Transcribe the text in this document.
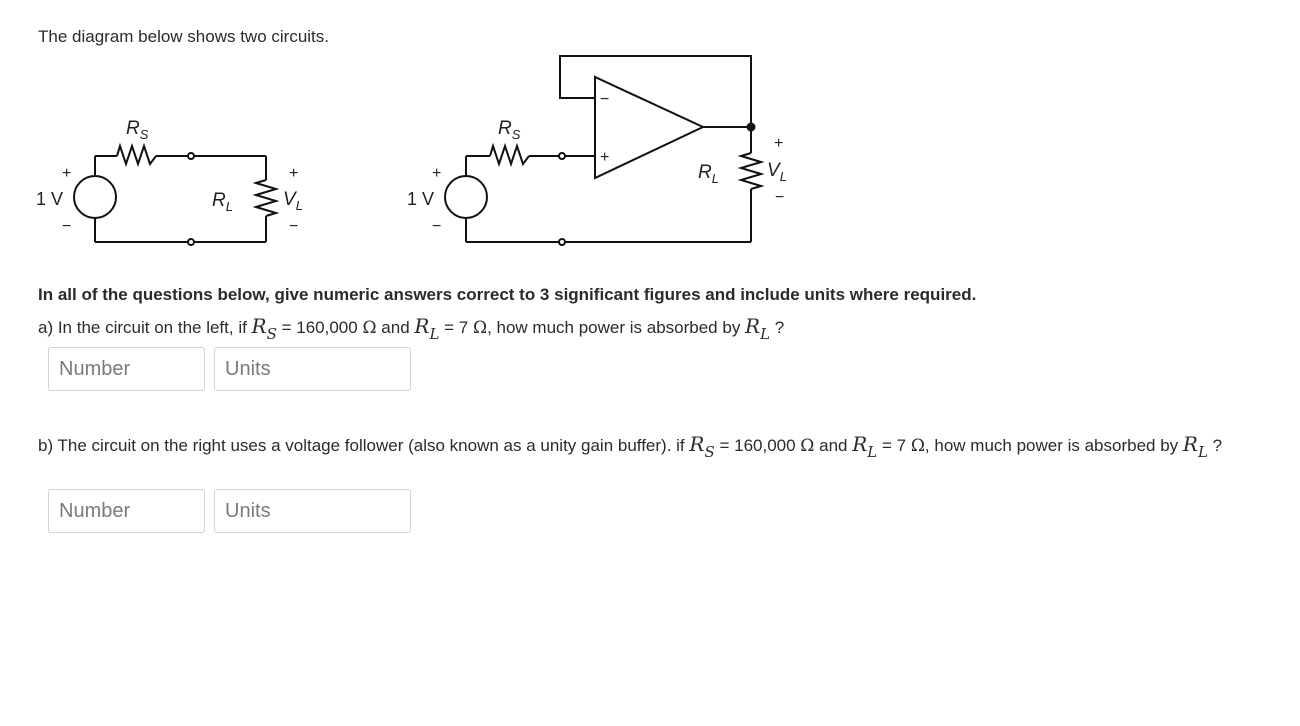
The diagram below shows two circuits.
$R_S$
+
1 V
−
$R_L$
+
$V_L$
−
$R_S$
+
1 V
−
−
+
$R_L$
+
$V_L$
−
In all of the questions below, give numeric answers correct to 3 significant figures and include units where required.
a) In the circuit on the left, if $R_S = 160,000$ Ω and $R_L = 7$ Ω, how much power is absorbed by $R_L$ ?
Number
Units
b) The circuit on the right uses a voltage follower (also known as a unity gain buffer). if $R_S = 160,000$ Ω and $R_L = 7$ Ω, how much power is absorbed by $R_L$ ?
Number
Units
